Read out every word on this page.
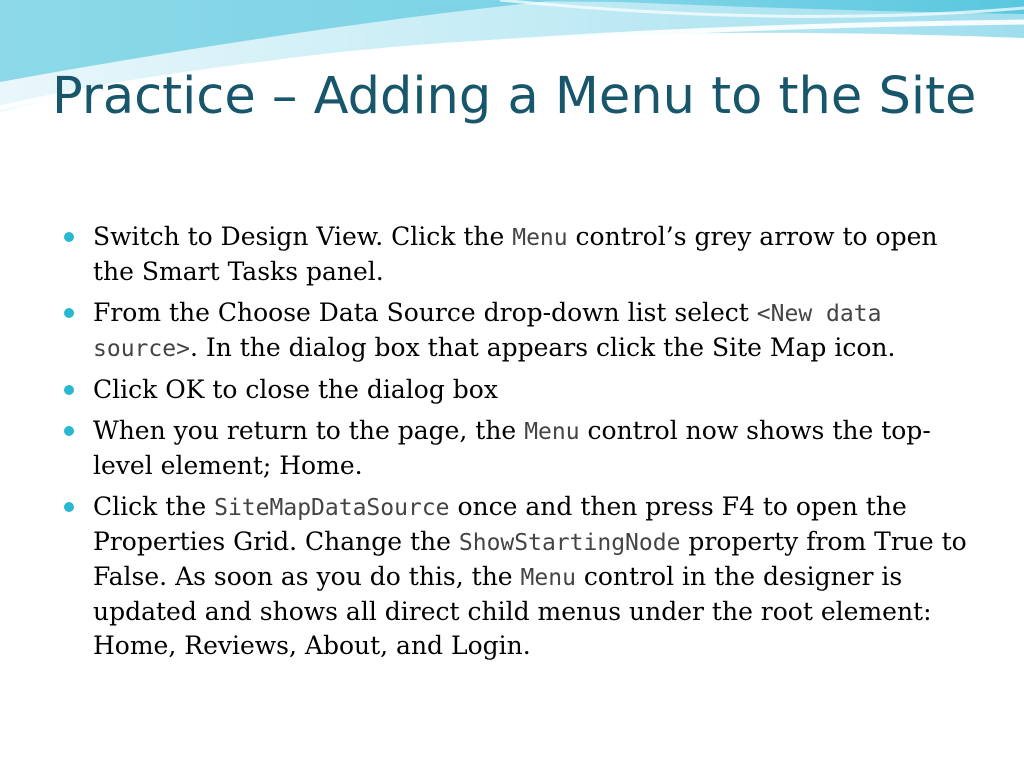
Practice – Adding a Menu to the Site
Switch to Design View. Click the Menu control’s grey arrow to open the Smart Tasks panel.
From the Choose Data Source drop-down list select <New data source>. In the dialog box that appears click the Site Map icon.
Click OK to close the dialog box
When you return to the page, the Menu control now shows the top-level element; Home.
Click the SiteMapDataSource once and then press F4 to open the Properties Grid. Change the ShowStartingNode property from True to False. As soon as you do this, the Menu control in the designer is updated and shows all direct child menus under the root element: Home, Reviews, About, and Login.
